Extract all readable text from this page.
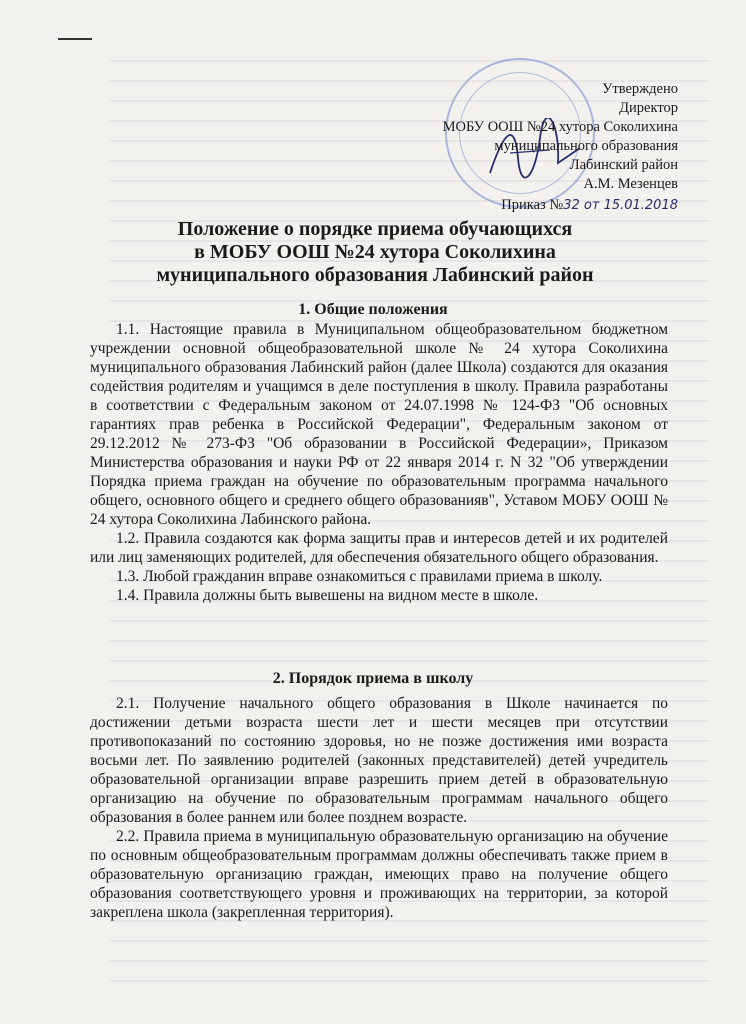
Утверждено
Директор
МОБУ ООШ №24 хутора Соколихина
муниципального образования
Лабинский район
А.М. Мезенцев
Приказ №32 от 15.01.2018
Положение о порядке приема обучающихся
в МОБУ ООШ №24 хутора Соколихина
муниципального образования Лабинский район
1. Общие положения

1.1. Настоящие правила в Муниципальном общеобразовательном бюджетном учреждении основной общеобразовательной школе № 24 хутора Соколихина муниципального образования Лабинский район (далее Школа) создаются для оказания содействия родителям и учащимся в деле поступления в школу. Правила разработаны в соответствии с Федеральным законом от 24.07.1998 № 124-ФЗ "Об основных гарантиях прав ребенка в Российской Федерации", Федеральным законом от 29.12.2012 № 273-ФЗ "Об образовании в Российской Федерации», Приказом Министерства образования и науки РФ от 22 января 2014 г. N 32 "Об утверждении Порядка приема граждан на обучение по образовательным программа начального общего, основного общего и среднего общего образованияв", Уставом МОБУ ООШ № 24 хутора Соколихина Лабинского района.

1.2. Правила создаются как форма защиты прав и интересов детей и их родителей или лиц заменяющих родителей, для обеспечения обязательного общего образования.

1.3. Любой гражданин вправе ознакомиться с правилами приема в школу.

1.4. Правила должны быть вывешены на видном месте в школе.

2. Порядок приема в школу

2.1. Получение начального общего образования в Школе начинается по достижении детьми возраста шести лет и шести месяцев при отсутствии противопоказаний по состоянию здоровья, но не позже достижения ими возраста восьми лет. По заявлению родителей (законных представителей) детей учредитель образовательной организации вправе разрешить прием детей в образовательную организацию на обучение по образовательным программам начального общего образования в более раннем или более позднем возрасте.

2.2. Правила приема в муниципальную образовательную организацию на обучение по основным общеобразовательным программам должны обеспечивать также прием в образовательную организацию граждан, имеющих право на получение общего образования соответствующего уровня и проживающих на территории, за которой закреплена школа (закрепленная территория).
